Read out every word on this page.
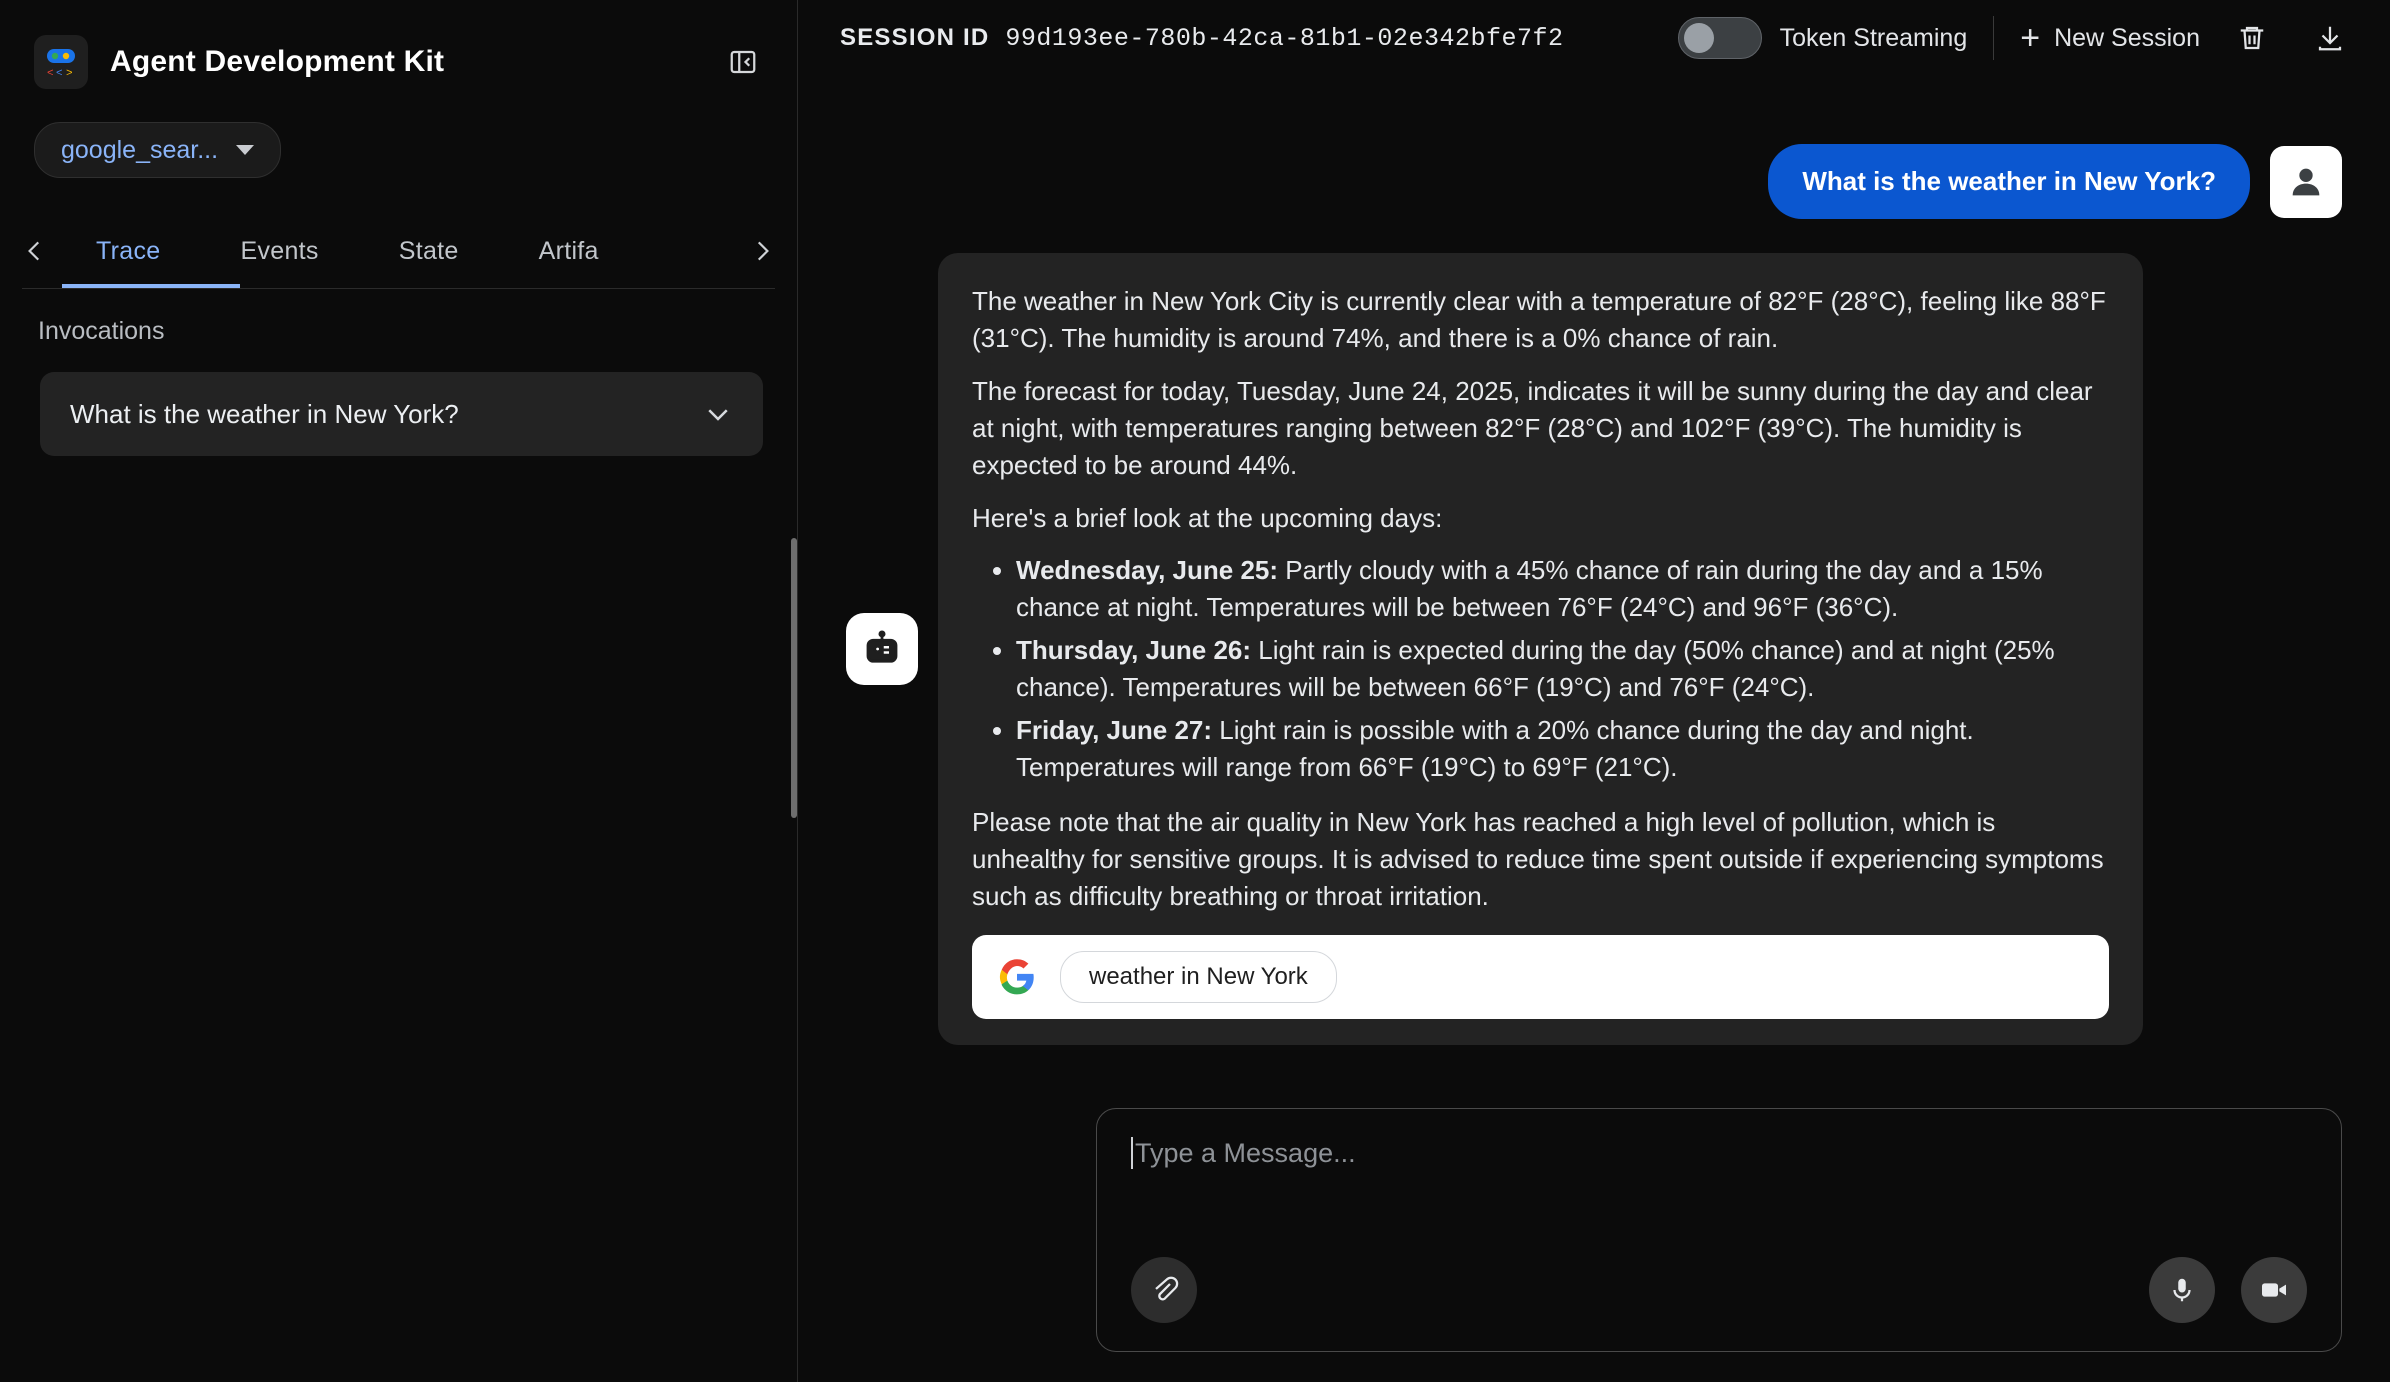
< < > Agent Development Kit
google_sear...
Trace	Events	State	Artifa
Invocations
What is the weather in New York?
SESSION ID 99d193ee-780b-42ca-81b1-02e342bfe7f2	Token Streaming + New Session
What is the weather in New York?

The weather in New York City is currently clear with a temperature of 82°F (28°C), feeling like 88°F (31°C). The humidity is around 74%, and there is a 0% chance of rain.

The forecast for today, Tuesday, June 24, 2025, indicates it will be sunny during the day and clear at night, with temperatures ranging between 82°F (28°C) and 102°F (39°C). The humidity is expected to be around 44%.

Here's a brief look at the upcoming days:

• Wednesday, June 25: Partly cloudy with a 45% chance of rain during the day and a 15% chance at night. Temperatures will be between 76°F (24°C) and 96°F (36°C).
• Thursday, June 26: Light rain is expected during the day (50% chance) and at night (25% chance). Temperatures will be between 66°F (19°C) and 76°F (24°C).
• Friday, June 27: Light rain is possible with a 20% chance during the day and night. Temperatures will range from 66°F (19°C) to 69°F (21°C).

Please note that the air quality in New York has reached a high level of pollution, which is unhealthy for sensitive groups. It is advised to reduce time spent outside if experiencing symptoms such as difficulty breathing or throat irritation.

weather in New York
Type a Message...
